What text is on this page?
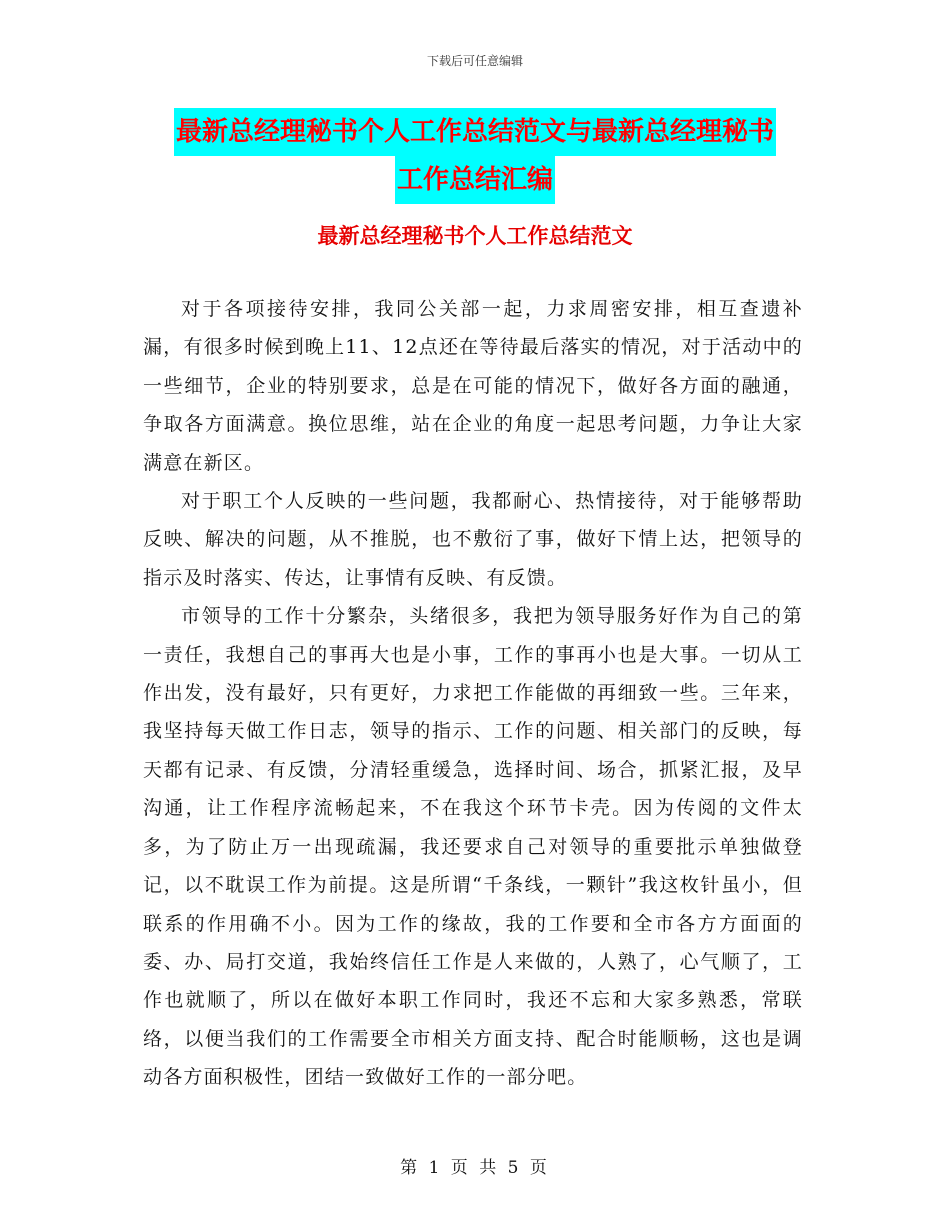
下载后可任意编辑
最新总经理秘书个人工作总结范文与最新总经理秘书
工作总结汇编
最新总经理秘书个人工作总结范文

对于各项接待安排，我同公关部一起，力求周密安排，相互查遗补漏，有很多时候到晚上11、12点还在等待最后落实的情况，对于活动中的一些细节，企业的特别要求，总是在可能的情况下，做好各方面的融通，争取各方面满意。换位思维，站在企业的角度一起思考问题，力争让大家满意在新区。

对于职工个人反映的一些问题，我都耐心、热情接待，对于能够帮助反映、解决的问题，从不推脱，也不敷衍了事，做好下情上达，把领导的指示及时落实、传达，让事情有反映、有反馈。

市领导的工作十分繁杂，头绪很多，我把为领导服务好作为自己的第一责任，我想自己的事再大也是小事，工作的事再小也是大事。一切从工作出发，没有最好，只有更好，力求把工作能做的再细致一些。三年来，我坚持每天做工作日志，领导的指示、工作的问题、相关部门的反映，每天都有记录、有反馈，分清轻重缓急，选择时间、场合，抓紧汇报，及早沟通，让工作程序流畅起来，不在我这个环节卡壳。因为传阅的文件太多，为了防止万一出现疏漏，我还要求自己对领导的重要批示单独做登记，以不耽误工作为前提。这是所谓“千条线，一颗针”我这枚针虽小，但联系的作用确不小。因为工作的缘故，我的工作要和全市各方方面面的委、办、局打交道，我始终信任工作是人来做的，人熟了，心气顺了，工作也就顺了，所以在做好本职工作同时，我还不忘和大家多熟悉，常联络，以便当我们的工作需要全市相关方面支持、配合时能顺畅，这也是调动各方面积极性，团结一致做好工作的一部分吧。

第 1 页 共 5 页
